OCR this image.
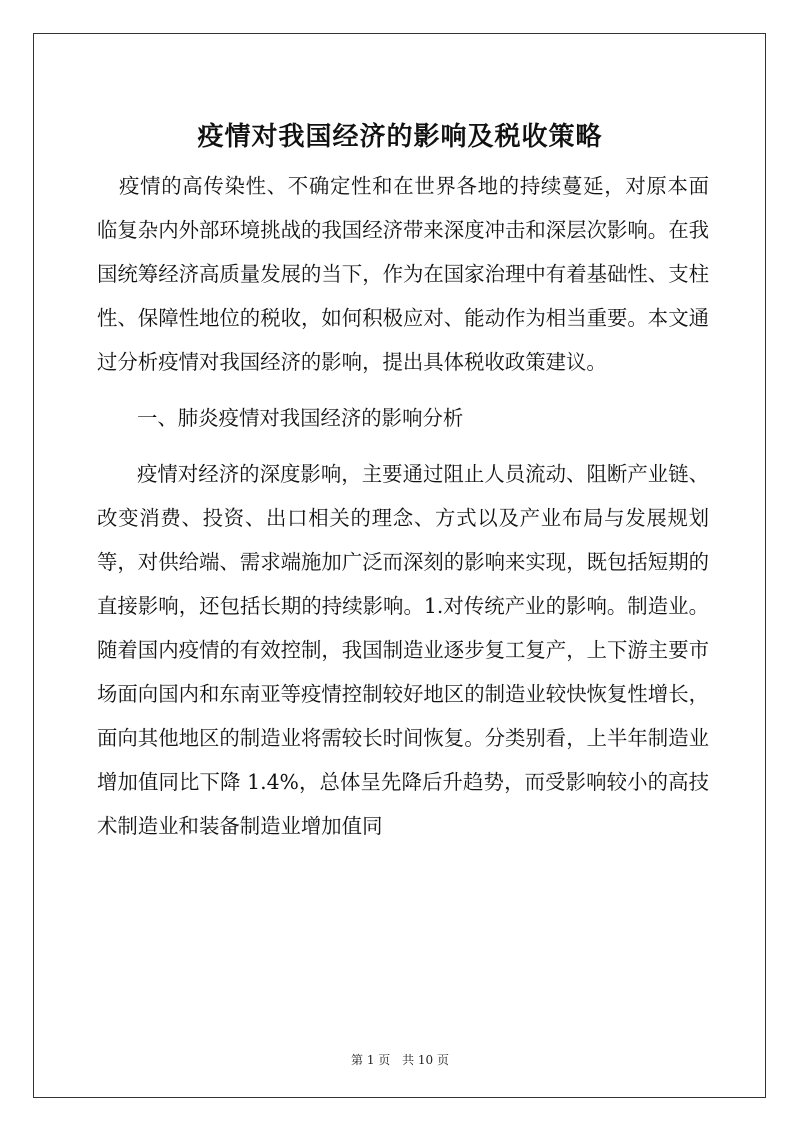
疫情对我国经济的影响及税收策略

疫情的高传染性、不确定性和在世界各地的持续蔓延，对原本面临复杂内外部环境挑战的我国经济带来深度冲击和深层次影响。在我国统筹经济高质量发展的当下，作为在国家治理中有着基础性、支柱性、保障性地位的税收，如何积极应对、能动作为相当重要。本文通过分析疫情对我国经济的影响，提出具体税收政策建议。

一、肺炎疫情对我国经济的影响分析

疫情对经济的深度影响，主要通过阻止人员流动、阻断产业链、改变消费、投资、出口相关的理念、方式以及产业布局与发展规划等，对供给端、需求端施加广泛而深刻的影响来实现，既包括短期的直接影响，还包括长期的持续影响。1.对传统产业的影响。制造业。随着国内疫情的有效控制，我国制造业逐步复工复产，上下游主要市场面向国内和东南亚等疫情控制较好地区的制造业较快恢复性增长，面向其他地区的制造业将需较长时间恢复。分类别看，上半年制造业增加值同比下降 1.4%，总体呈先降后升趋势，而受影响较小的高技术制造业和装备制造业增加值同

第 1 页 共 10 页
